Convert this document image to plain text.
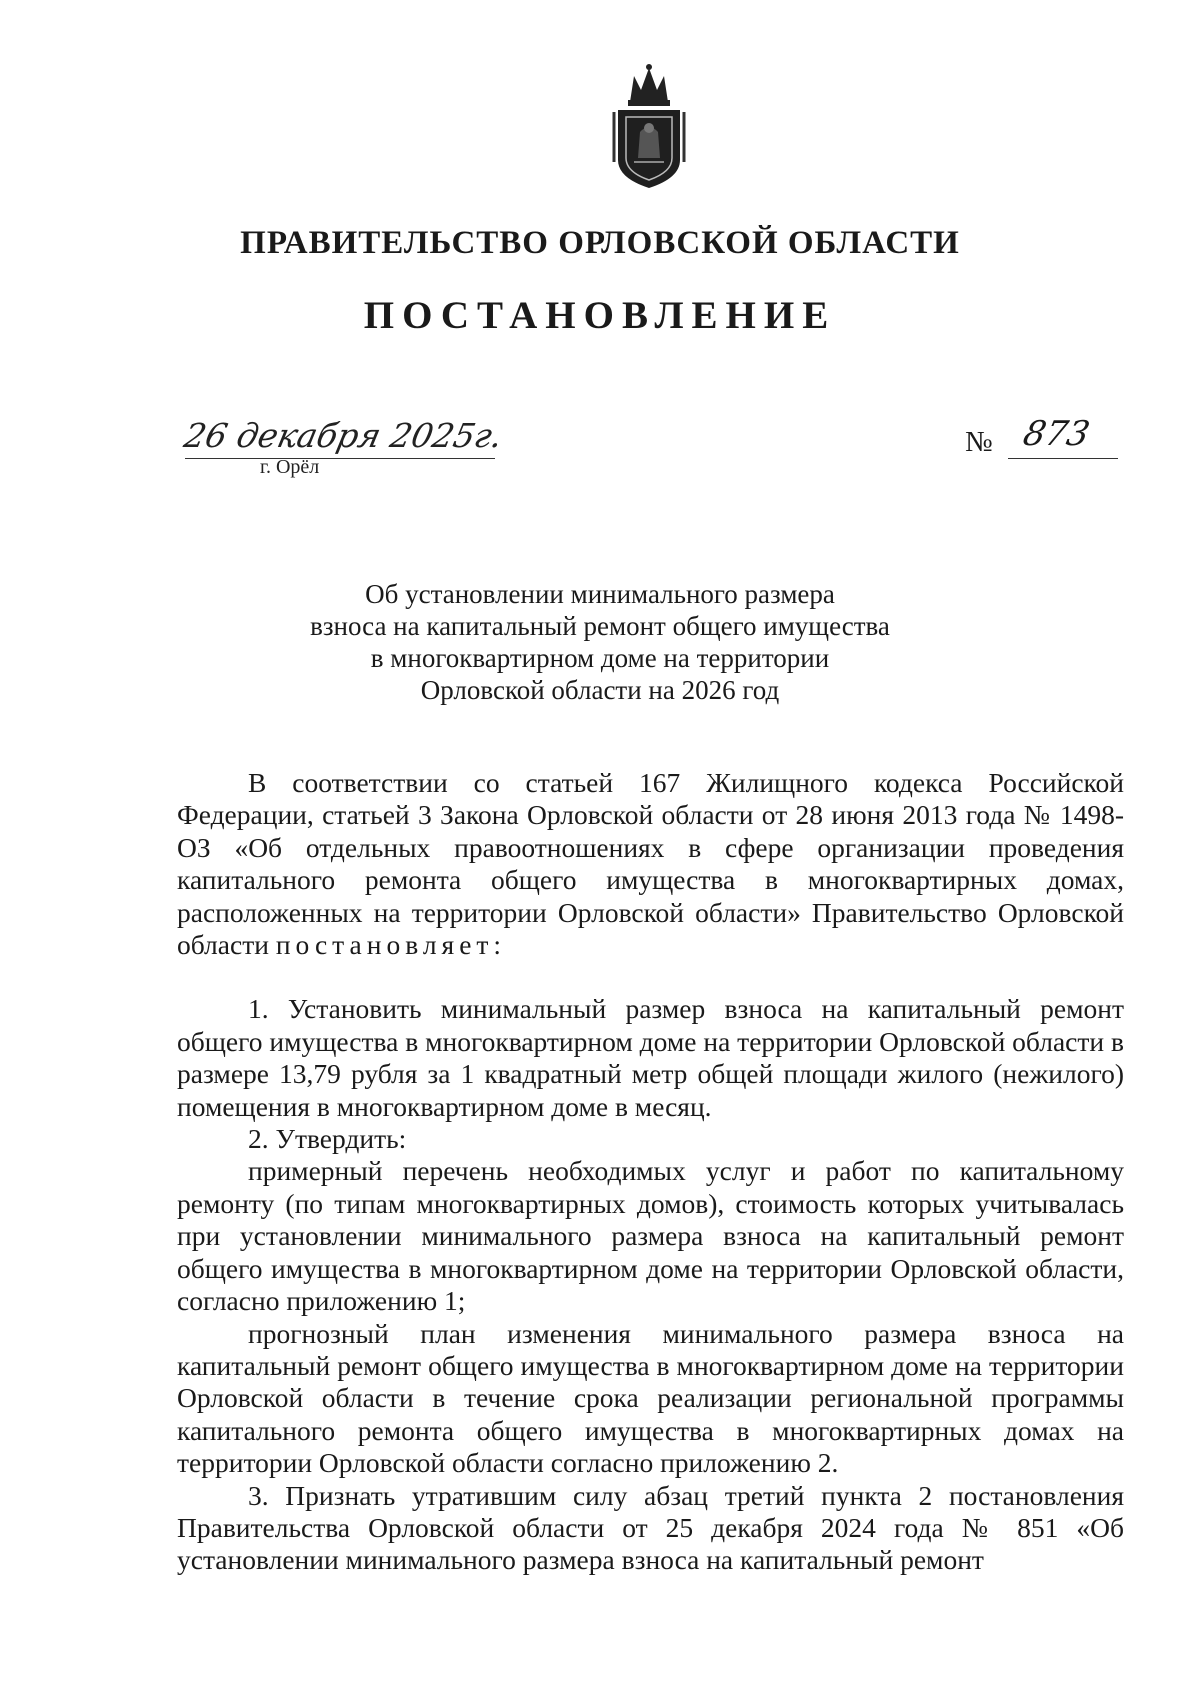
ПРАВИТЕЛЬСТВО ОРЛОВСКОЙ ОБЛАСТИ
ПОСТАНОВЛЕНИЕ
26 декабря 2025г.
г. Орёл
№ 873
Об установлении минимального размера
взноса на капитальный ремонт общего имущества
в многоквартирном доме на территории
Орловской области на 2026 год

В соответствии со статьей 167 Жилищного кодекса Российской Федерации, статьей 3 Закона Орловской области от 28 июня 2013 года № 1498-ОЗ «Об отдельных правоотношениях в сфере организации проведения капитального ремонта общего имущества в многоквартирных домах, расположенных на территории Орловской области» Правительство Орловской области постановляет:

1. Установить минимальный размер взноса на капитальный ремонт общего имущества в многоквартирном доме на территории Орловской области в размере 13,79 рубля за 1 квадратный метр общей площади жилого (нежилого) помещения в многоквартирном доме в месяц.

2. Утвердить:

примерный перечень необходимых услуг и работ по капитальному ремонту (по типам многоквартирных домов), стоимость которых учитывалась при установлении минимального размера взноса на капитальный ремонт общего имущества в многоквартирном доме на территории Орловской области, согласно приложению 1;

прогнозный план изменения минимального размера взноса на капитальный ремонт общего имущества в многоквартирном доме на территории Орловской области в течение срока реализации региональной программы капитального ремонта общего имущества в многоквартирных домах на территории Орловской области согласно приложению 2.

3. Признать утратившим силу абзац третий пункта 2 постановления Правительства Орловской области от 25 декабря 2024 года № 851 «Об установлении минимального размера взноса на капитальный ремонт
